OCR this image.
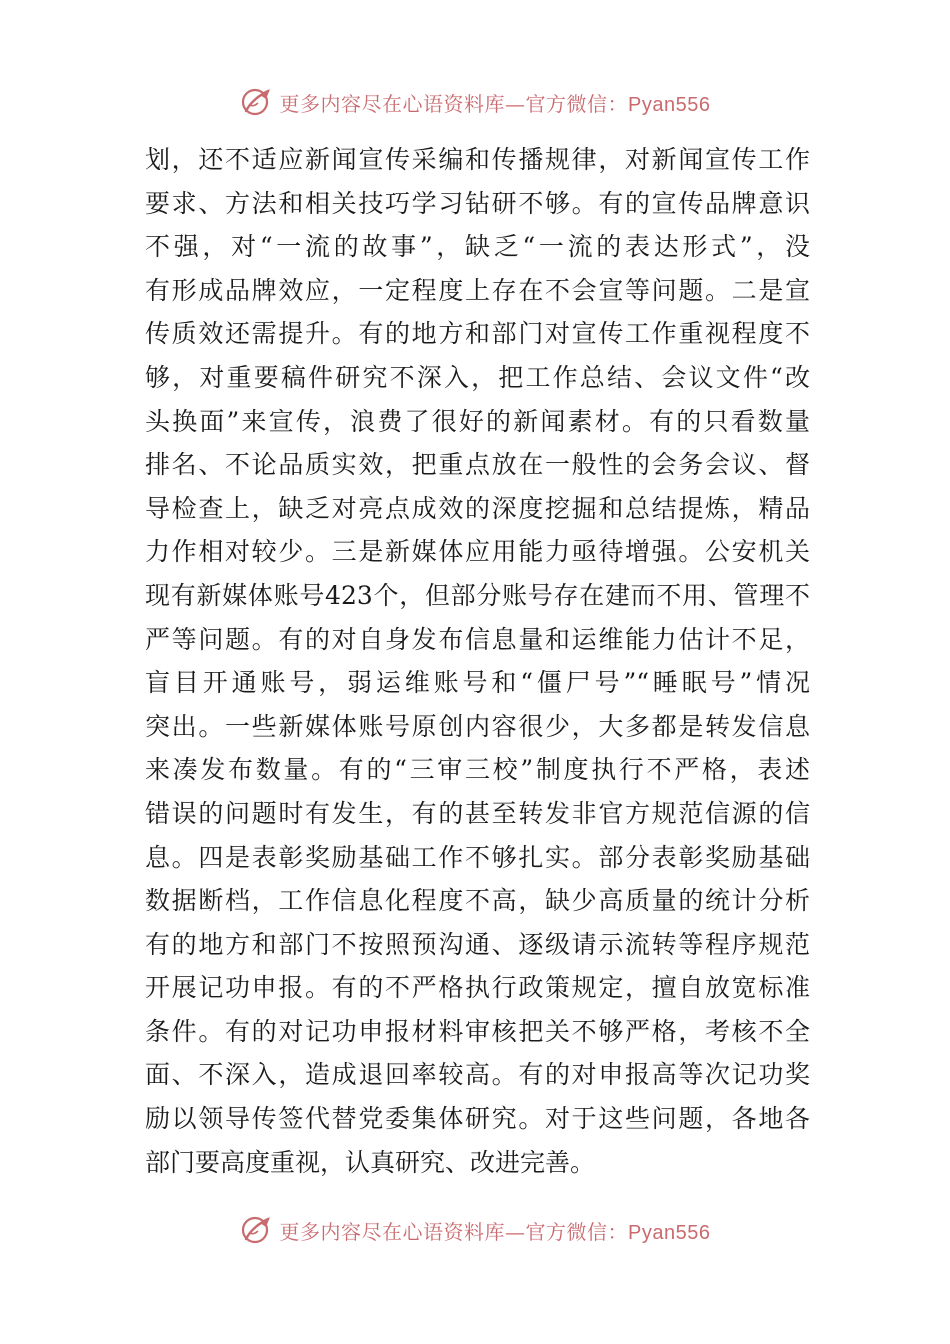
更多内容尽在心语资料库—官方微信：Pyan556
划，还不适应新闻宣传采编和传播规律，对新闻宣传工作
要求、方法和相关技巧学习钻研不够。有的宣传品牌意识
不强，对“一流的故事”，缺乏“一流的表达形式”，没
有形成品牌效应，一定程度上存在不会宣等问题。二是宣
传质效还需提升。有的地方和部门对宣传工作重视程度不
够，对重要稿件研究不深入，把工作总结、会议文件“改
头换面”来宣传，浪费了很好的新闻素材。有的只看数量
排名、不论品质实效，把重点放在一般性的会务会议、督
导检查上，缺乏对亮点成效的深度挖掘和总结提炼，精品
力作相对较少。三是新媒体应用能力亟待增强。公安机关
现有新媒体账号423个，但部分账号存在建而不用、管理不
严等问题。有的对自身发布信息量和运维能力估计不足，
盲目开通账号，弱运维账号和“僵尸号”“睡眠号”情况
突出。一些新媒体账号原创内容很少，大多都是转发信息
来凑发布数量。有的“三审三校”制度执行不严格，表述
错误的问题时有发生，有的甚至转发非官方规范信源的信
息。四是表彰奖励基础工作不够扎实。部分表彰奖励基础
数据断档，工作信息化程度不高，缺少高质量的统计分析
有的地方和部门不按照预沟通、逐级请示流转等程序规范
开展记功申报。有的不严格执行政策规定，擅自放宽标准
条件。有的对记功申报材料审核把关不够严格，考核不全
面、不深入，造成退回率较高。有的对申报高等次记功奖
励以领导传签代替党委集体研究。对于这些问题，各地各
部门要高度重视，认真研究、改进完善。
更多内容尽在心语资料库—官方微信：Pyan556
